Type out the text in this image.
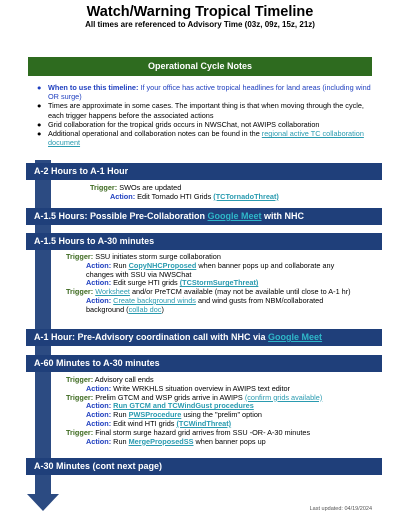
Watch/Warning Tropical Timeline
All times are referenced to Advisory Time (03z, 09z, 15z, 21z)
Operational Cycle Notes
● When to use this timeline: If your office has active tropical headlines for land areas (including wind OR surge)
● Times are approximate in some cases. The important thing is that when moving through the cycle, each trigger happens before the associated actions
● Grid collaboration for the tropical grids occurs in NWSChat, not AWIPS collaboration
● Additional operational and collaboration notes can be found in the regional active TC collaboration document
A-2 Hours to A-1 Hour
Trigger: SWOs are updated
Action: Edit Tornado HTI Grids (TCTornadoThreat)
A-1.5 Hours: Possible Pre-Collaboration Google Meet with NHC
A-1.5 Hours to A-30 minutes
Trigger: SSU initiates storm surge collaboration
Action: Run CopyNHCProposed when banner pops up and collaborate any
changes with SSU via NWSChat
Action: Edit surge HTI grids (TCStormSurgeThreat)
Trigger: Worksheet and/or PreTCM available (may not be available until close to A-1 hr)
Action: Create background winds and wind gusts from NBM/collaborated
background (collab doc)
A-1 Hour: Pre-Advisory coordination call with NHC via Google Meet
A-60 Minutes to A-30 minutes
Trigger: Advisory call ends
Action: Write WRKHLS situation overview in AWIPS text editor
Trigger: Prelim GTCM and WSP grids arrive in AWIPS (confirm grids available)
Action: Run GTCM and TCWindGust procedures
Action: Run PWSProcedure using the "prelim" option
Action: Edit wind HTI grids (TCWindThreat)
Trigger: Final storm surge hazard grid arrives from SSU -OR- A-30 minutes
Action: Run MergeProposedSS when banner pops up
A-30 Minutes (cont next page)
Last updated: 04/19/2024
